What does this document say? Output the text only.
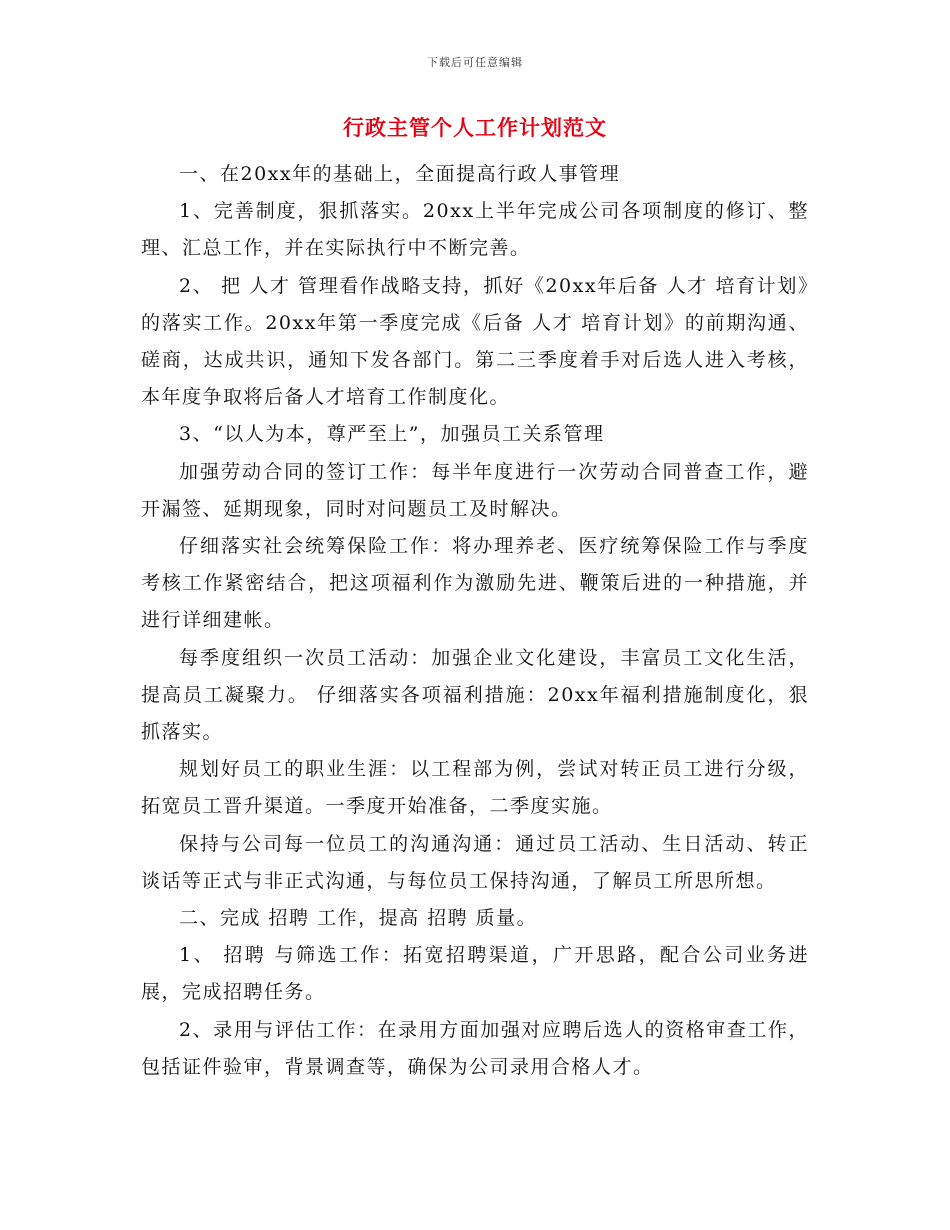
下载后可任意编辑
行政主管个人工作计划范文

一、在20xx年的基础上，全面提高行政人事管理

1、完善制度，狠抓落实。20xx上半年完成公司各项制度的修订、整理、汇总工作，并在实际执行中不断完善。

2、 把 人才 管理看作战略支持，抓好《20xx年后备 人才 培育计划》的落实工作。20xx年第一季度完成《后备 人才 培育计划》的前期沟通、磋商，达成共识，通知下发各部门。第二三季度着手对后选人进入考核，本年度争取将后备人才培育工作制度化。

3、“以人为本，尊严至上”，加强员工关系管理

加强劳动合同的签订工作：每半年度进行一次劳动合同普查工作，避开漏签、延期现象，同时对问题员工及时解决。

仔细落实社会统筹保险工作：将办理养老、医疗统筹保险工作与季度考核工作紧密结合，把这项福利作为激励先进、鞭策后进的一种措施，并进行详细建帐。

每季度组织一次员工活动：加强企业文化建设，丰富员工文化生活，提高员工凝聚力。 仔细落实各项福利措施：20xx年福利措施制度化，狠抓落实。

规划好员工的职业生涯：以工程部为例，尝试对转正员工进行分级，拓宽员工晋升渠道。一季度开始准备，二季度实施。

保持与公司每一位员工的沟通沟通：通过员工活动、生日活动、转正谈话等正式与非正式沟通，与每位员工保持沟通，了解员工所思所想。

二、完成 招聘 工作，提高 招聘 质量。

1、 招聘 与筛选工作：拓宽招聘渠道，广开思路，配合公司业务进展，完成招聘任务。

2、录用与评估工作：在录用方面加强对应聘后选人的资格审查工作，包括证件验审，背景调查等，确保为公司录用合格人才。
